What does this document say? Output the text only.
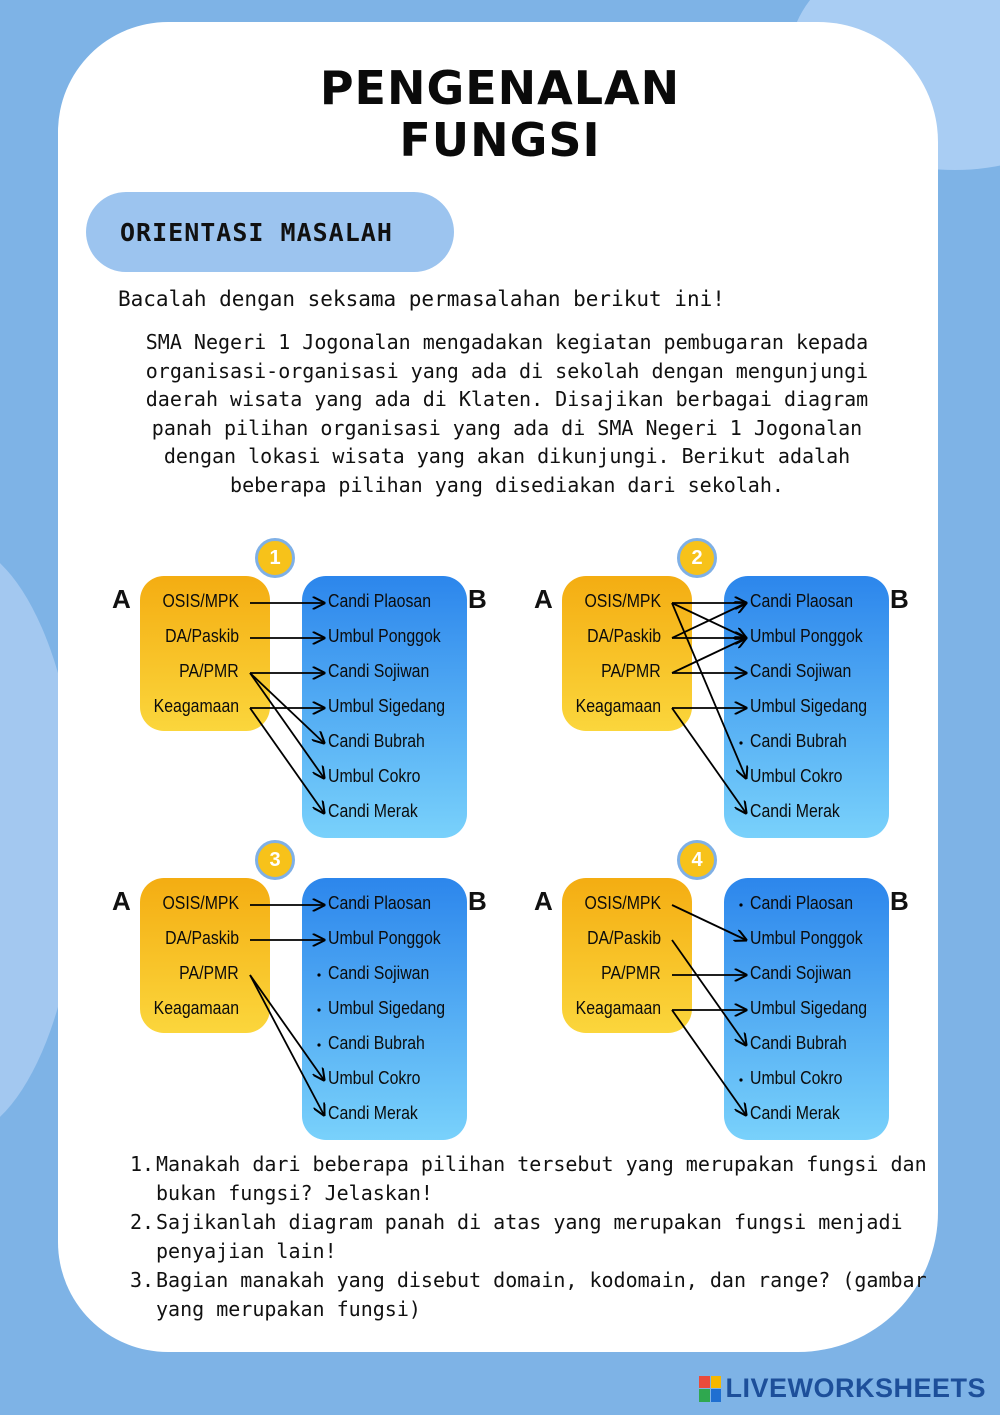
PENGENALAN
FUNGSI
ORIENTASI MASALAH
Bacalah dengan seksama permasalahan berikut ini!
SMA Negeri 1 Jogonalan mengadakan kegiatan pembugaran kepada organisasi-organisasi yang ada di sekolah dengan mengunjungi daerah wisata yang ada di Klaten. Disajikan berbagai diagram panah pilihan organisasi yang ada di SMA Negeri 1 Jogonalan dengan lokasi wisata yang akan dikunjungi. Berikut adalah beberapa pilihan yang disediakan dari sekolah.
1
A	B
OSIS/MPK
DA/Paskib
PA/PMR
Keagamaan
Candi Plaosan
Umbul Ponggok
Candi Sojiwan
Umbul Sigedang
Candi Bubrah
Umbul Cokro
Candi Merak
2
A	B
OSIS/MPK
DA/Paskib
PA/PMR
Keagamaan
Candi Plaosan
Umbul Ponggok
Candi Sojiwan
Umbul Sigedang
Candi Bubrah
Umbul Cokro
Candi Merak
3
A	B
OSIS/MPK
DA/Paskib
PA/PMR
Keagamaan
Candi Plaosan
Umbul Ponggok
Candi Sojiwan
Umbul Sigedang
Candi Bubrah
Umbul Cokro
Candi Merak
4
A	B
OSIS/MPK
DA/Paskib
PA/PMR
Keagamaan
Candi Plaosan
Umbul Ponggok
Candi Sojiwan
Umbul Sigedang
Candi Bubrah
Umbul Cokro
Candi Merak
1. Manakah dari beberapa pilihan tersebut yang merupakan fungsi dan bukan fungsi? Jelaskan!
2. Sajikanlah diagram panah di atas yang merupakan fungsi menjadi penyajian lain!
3. Bagian manakah yang disebut domain, kodomain, dan range? (gambar yang merupakan fungsi)
LIVEWORKSHEETS
